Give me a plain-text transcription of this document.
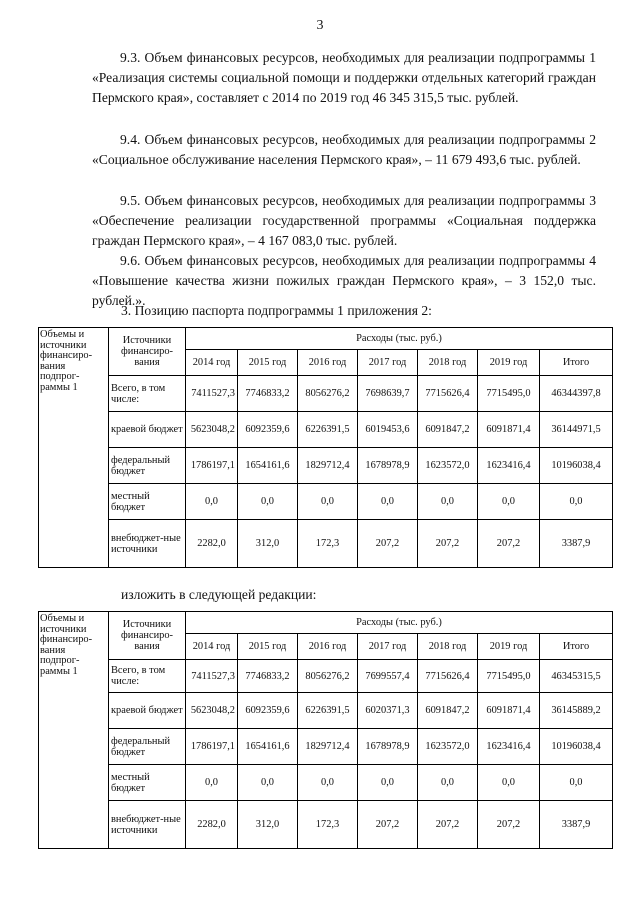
3
9.3. Объем финансовых ресурсов, необходимых для реализации подпрограммы 1 «Реализация системы социальной помощи и поддержки отдельных категорий граждан Пермского края», составляет с 2014 по 2019 год 46 345 315,5 тыс. рублей.
9.4. Объем финансовых ресурсов, необходимых для реализации подпрограммы 2 «Социальное обслуживание населения Пермского края», – 11 679 493,6 тыс. рублей.
9.5. Объем финансовых ресурсов, необходимых для реализации подпрограммы 3 «Обеспечение реализации государственной программы «Социальная поддержка граждан Пермского края», – 4 167 083,0 тыс. рублей.
9.6. Объем финансовых ресурсов, необходимых для реализации подпрограммы 4 «Повышение качества жизни пожилых граждан Пермского края», – 3 152,0 тыс. рублей.».
3. Позицию паспорта подпрограммы 1 приложения 2:
Объемы и источники финансиро-вания подпрог-раммы 1	Источники финансиро-вания	Расходы (тыс. руб.)						
		2014 год	2015 год	2016 год	2017 год	2018 год	2019 год	Итого
	Всего, в том числе:	7411527,3	7746833,2	8056276,2	7698639,7	7715626,4	7715495,0	46344397,8
	краевой бюджет	5623048,2	6092359,6	6226391,5	6019453,6	6091847,2	6091871,4	36144971,5
	федеральный бюджет	1786197,1	1654161,6	1829712,4	1678978,9	1623572,0	1623416,4	10196038,4
	местный бюджет	0,0	0,0	0,0	0,0	0,0	0,0	0,0
	внебюджет-ные источники	2282,0	312,0	172,3	207,2	207,2	207,2	3387,9
изложить в следующей редакции:
Объемы и источники финансиро-вания подпрог-раммы 1	Источники финансиро-вания	Расходы (тыс. руб.)						
		2014 год	2015 год	2016 год	2017 год	2018 год	2019 год	Итого
	Всего, в том числе:	7411527,3	7746833,2	8056276,2	7699557,4	7715626,4	7715495,0	46345315,5
	краевой бюджет	5623048,2	6092359,6	6226391,5	6020371,3	6091847,2	6091871,4	36145889,2
	федеральный бюджет	1786197,1	1654161,6	1829712,4	1678978,9	1623572,0	1623416,4	10196038,4
	местный бюджет	0,0	0,0	0,0	0,0	0,0	0,0	0,0
	внебюджет-ные источники	2282,0	312,0	172,3	207,2	207,2	207,2	3387,9
